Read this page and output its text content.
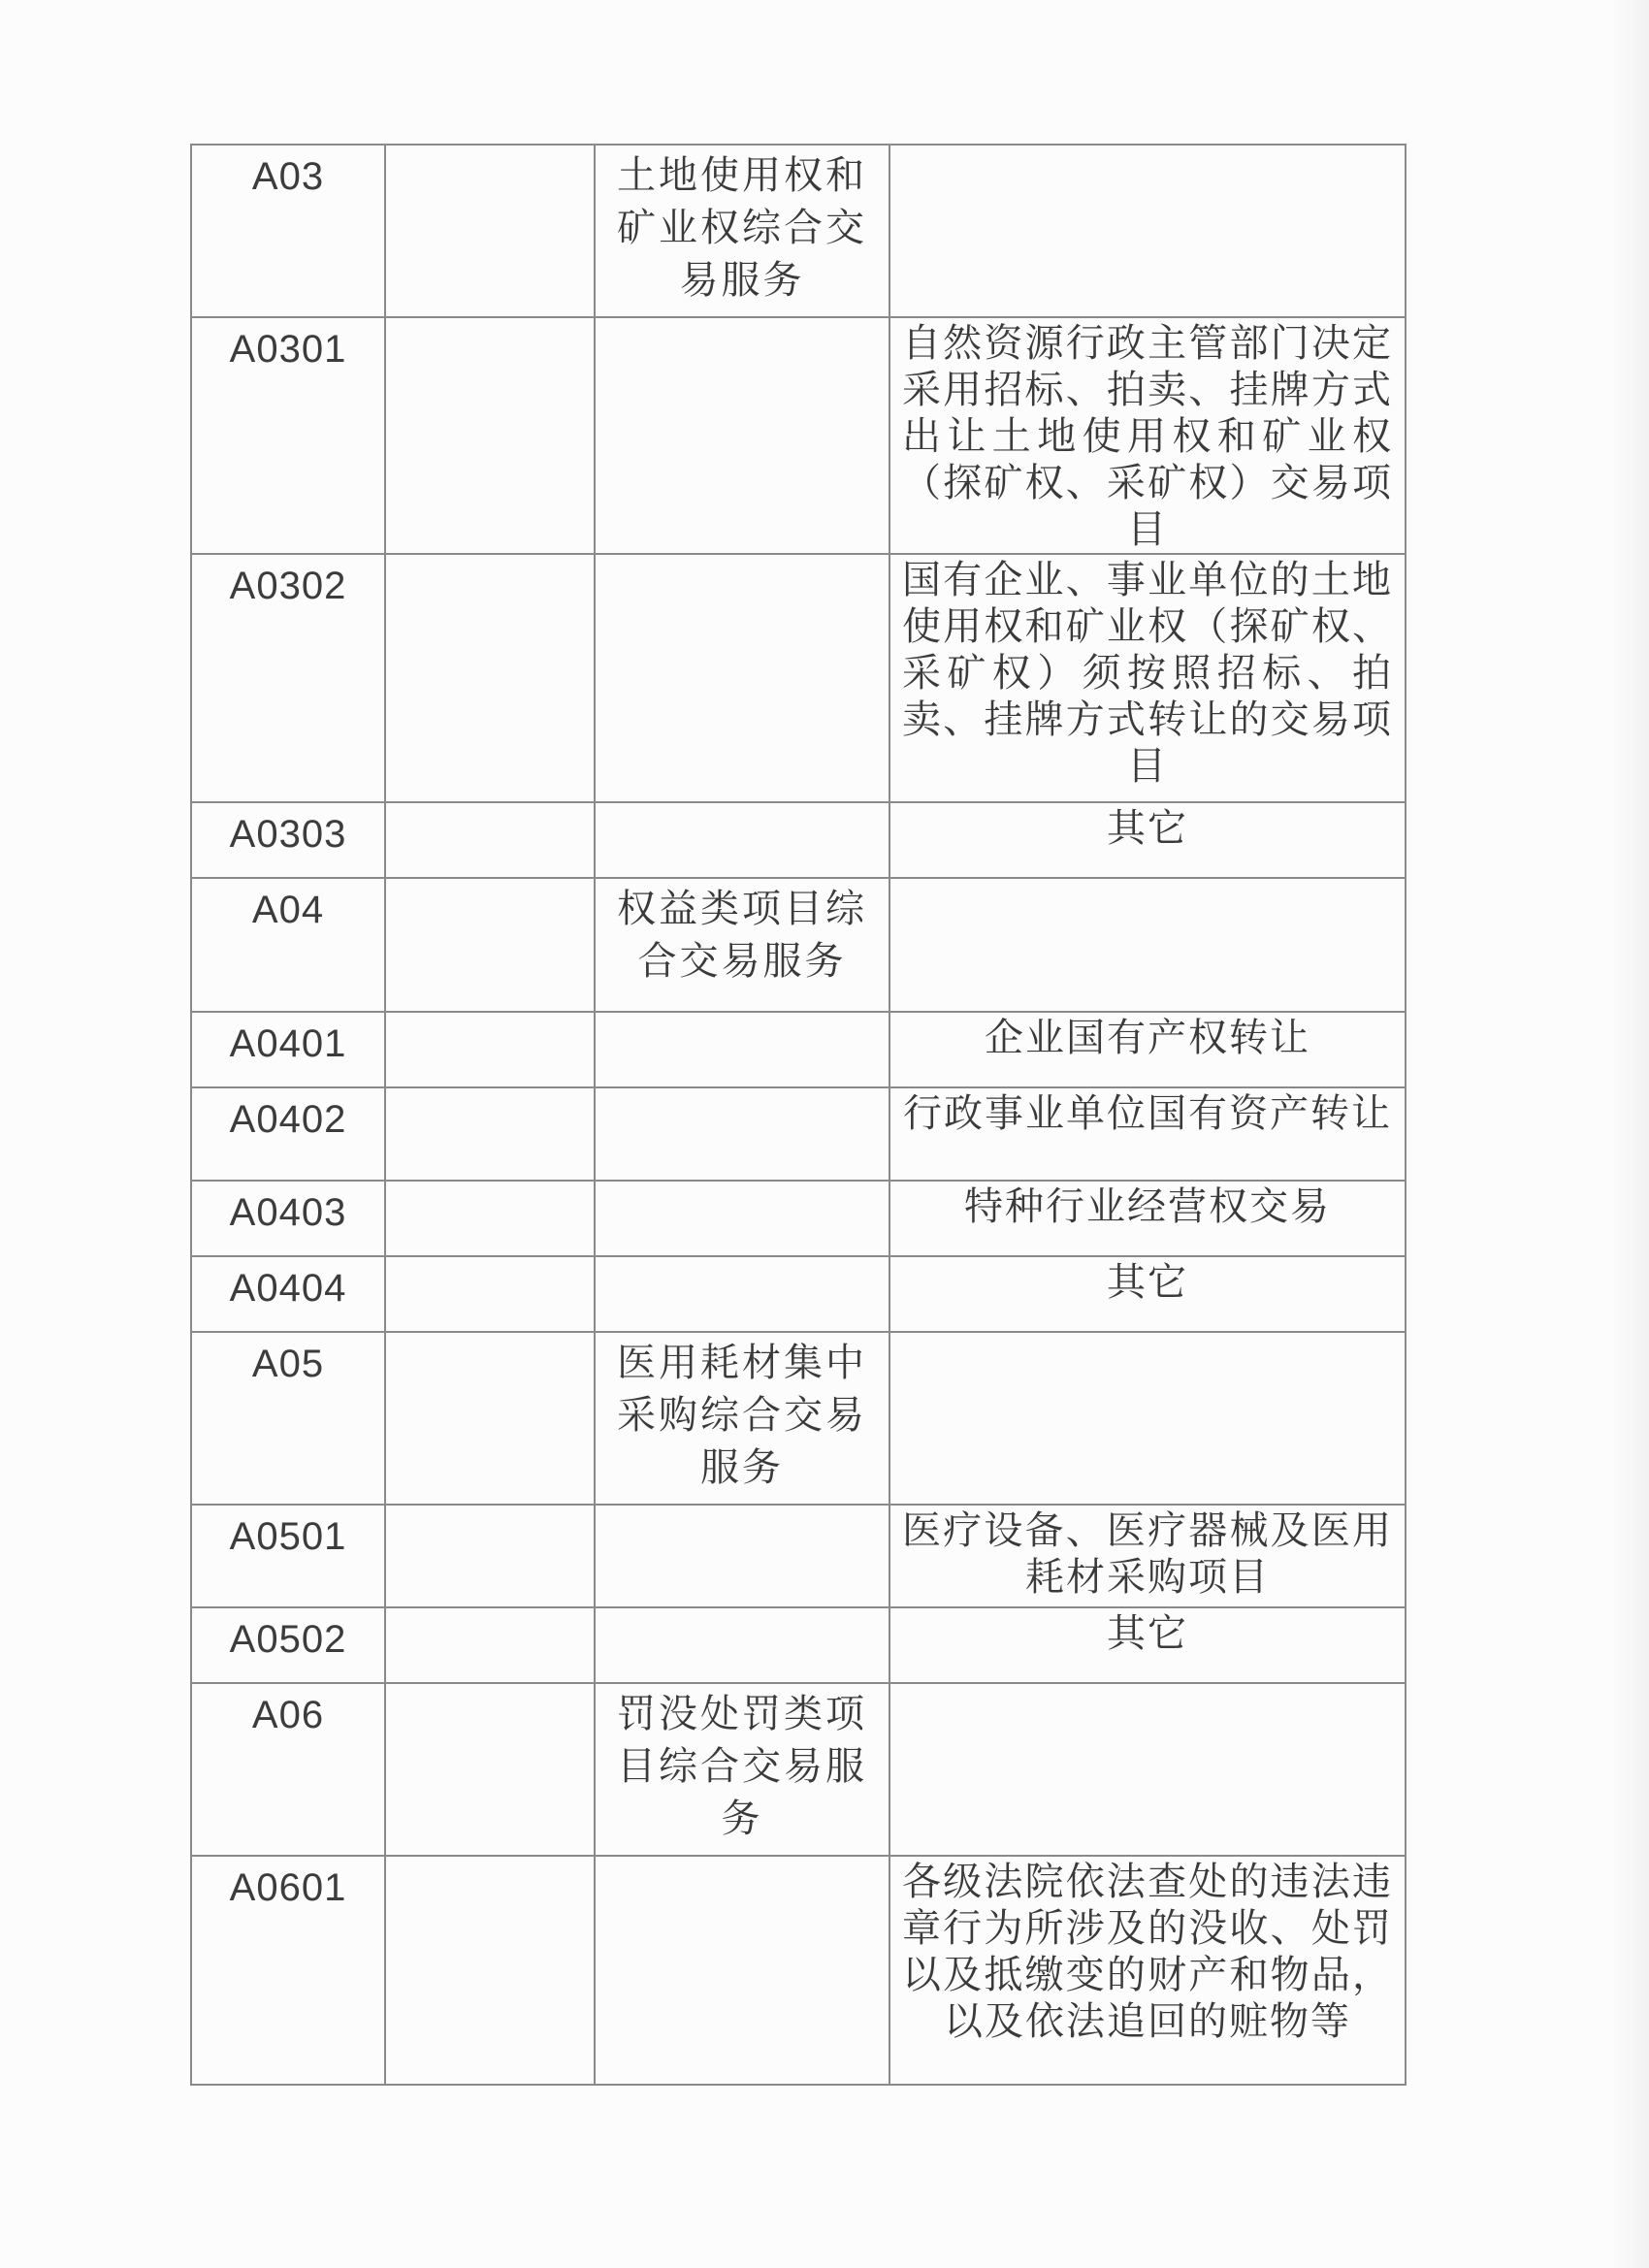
A03		土地使用权和矿业权综合交易服务	

A0301			自然资源行政主管部门决定采用招标、拍卖、挂牌方式出让土地使用权和矿业权（探矿权、采矿权）交易项目

A0302			国有企业、事业单位的土地使用权和矿业权（探矿权、采矿权）须按照招标、拍卖、挂牌方式转让的交易项目

A0303			其它

A04		权益类项目综合交易服务	

A0401			企业国有产权转让

A0402			行政事业单位国有资产转让

A0403			特种行业经营权交易

A0404			其它

A05		医用耗材集中采购综合交易服务	

A0501			医疗设备、医疗器械及医用耗材采购项目

A0502			其它

A06		罚没处罚类项目综合交易服务	

A0601			各级法院依法查处的违法违章行为所涉及的没收、处罚以及抵缴变的财产和物品，以及依法追回的赃物等
